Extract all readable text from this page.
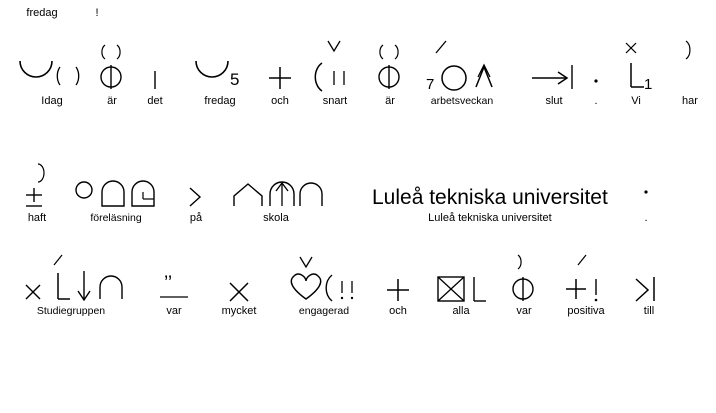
fredag	!
Idag	är	det
5
fredag	och	snart	är
7
arbetsveckan	slut	.
1
Vi	har
haft	föreläsning	på	skola
Luleå tekniska universitet
Luleå tekniska universitet	.
Studiegruppen
’’
var	mycket	engagerad	och	alla	var	positiva	till
